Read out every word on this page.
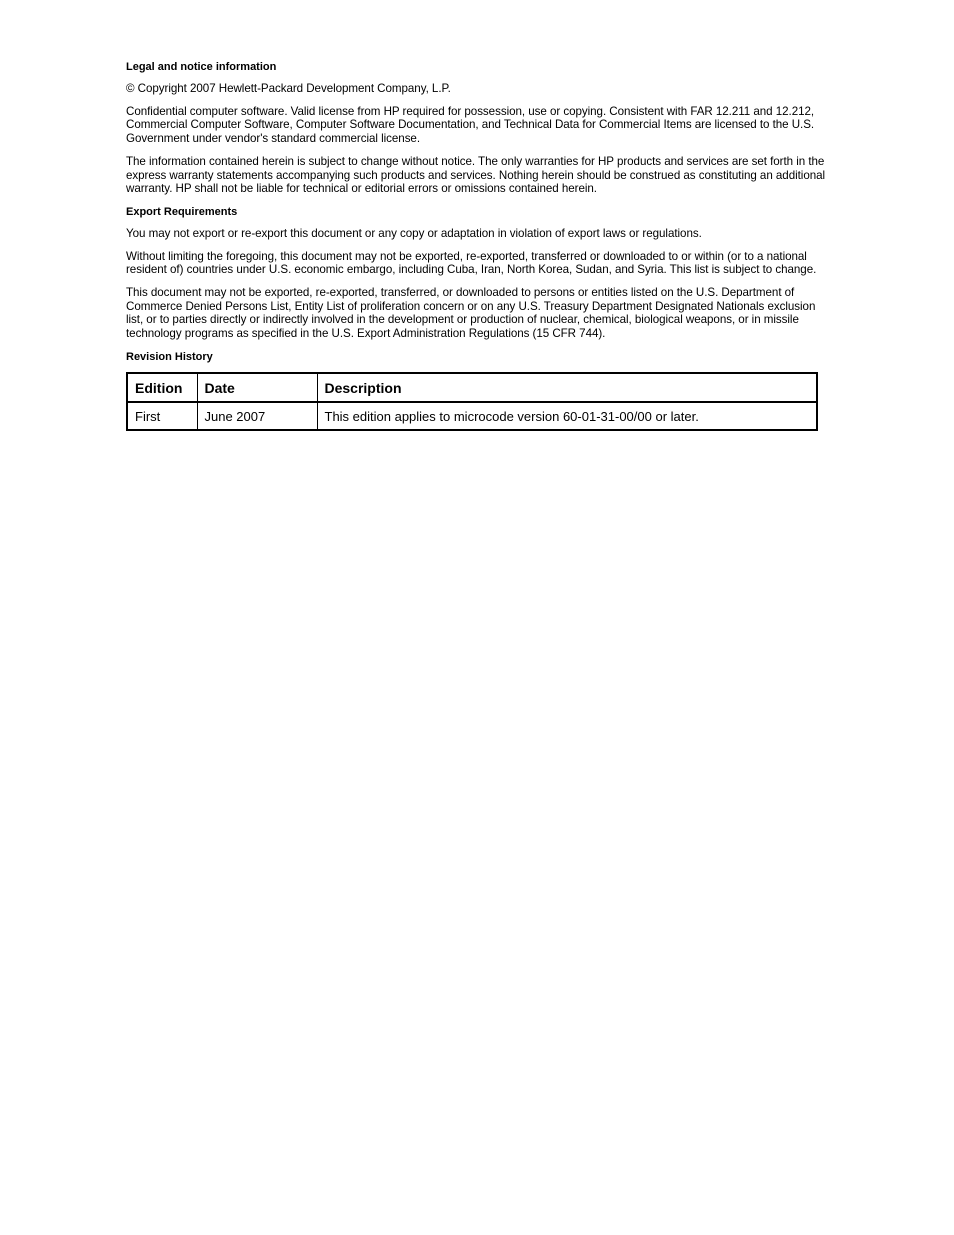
Legal and notice information

© Copyright 2007 Hewlett-Packard Development Company, L.P.

Confidential computer software. Valid license from HP required for possession, use or copying. Consistent with FAR 12.211 and 12.212, Commercial Computer Software, Computer Software Documentation, and Technical Data for Commercial Items are licensed to the U.S. Government under vendor's standard commercial license.

The information contained herein is subject to change without notice. The only warranties for HP products and services are set forth in the express warranty statements accompanying such products and services. Nothing herein should be construed as constituting an additional warranty. HP shall not be liable for technical or editorial errors or omissions contained herein.

Export Requirements

You may not export or re-export this document or any copy or adaptation in violation of export laws or regulations.

Without limiting the foregoing, this document may not be exported, re-exported, transferred or downloaded to or within (or to a national resident of) countries under U.S. economic embargo, including Cuba, Iran, North Korea, Sudan, and Syria. This list is subject to change.

This document may not be exported, re-exported, transferred, or downloaded to persons or entities listed on the U.S. Department of Commerce Denied Persons List, Entity List of proliferation concern or on any U.S. Treasury Department Designated Nationals exclusion list, or to parties directly or indirectly involved in the development or production of nuclear, chemical, biological weapons, or in missile technology programs as specified in the U.S. Export Administration Regulations (15 CFR 744).

Revision History
Edition	Date	Description
First	June 2007	This edition applies to microcode version 60-01-31-00/00 or later.
